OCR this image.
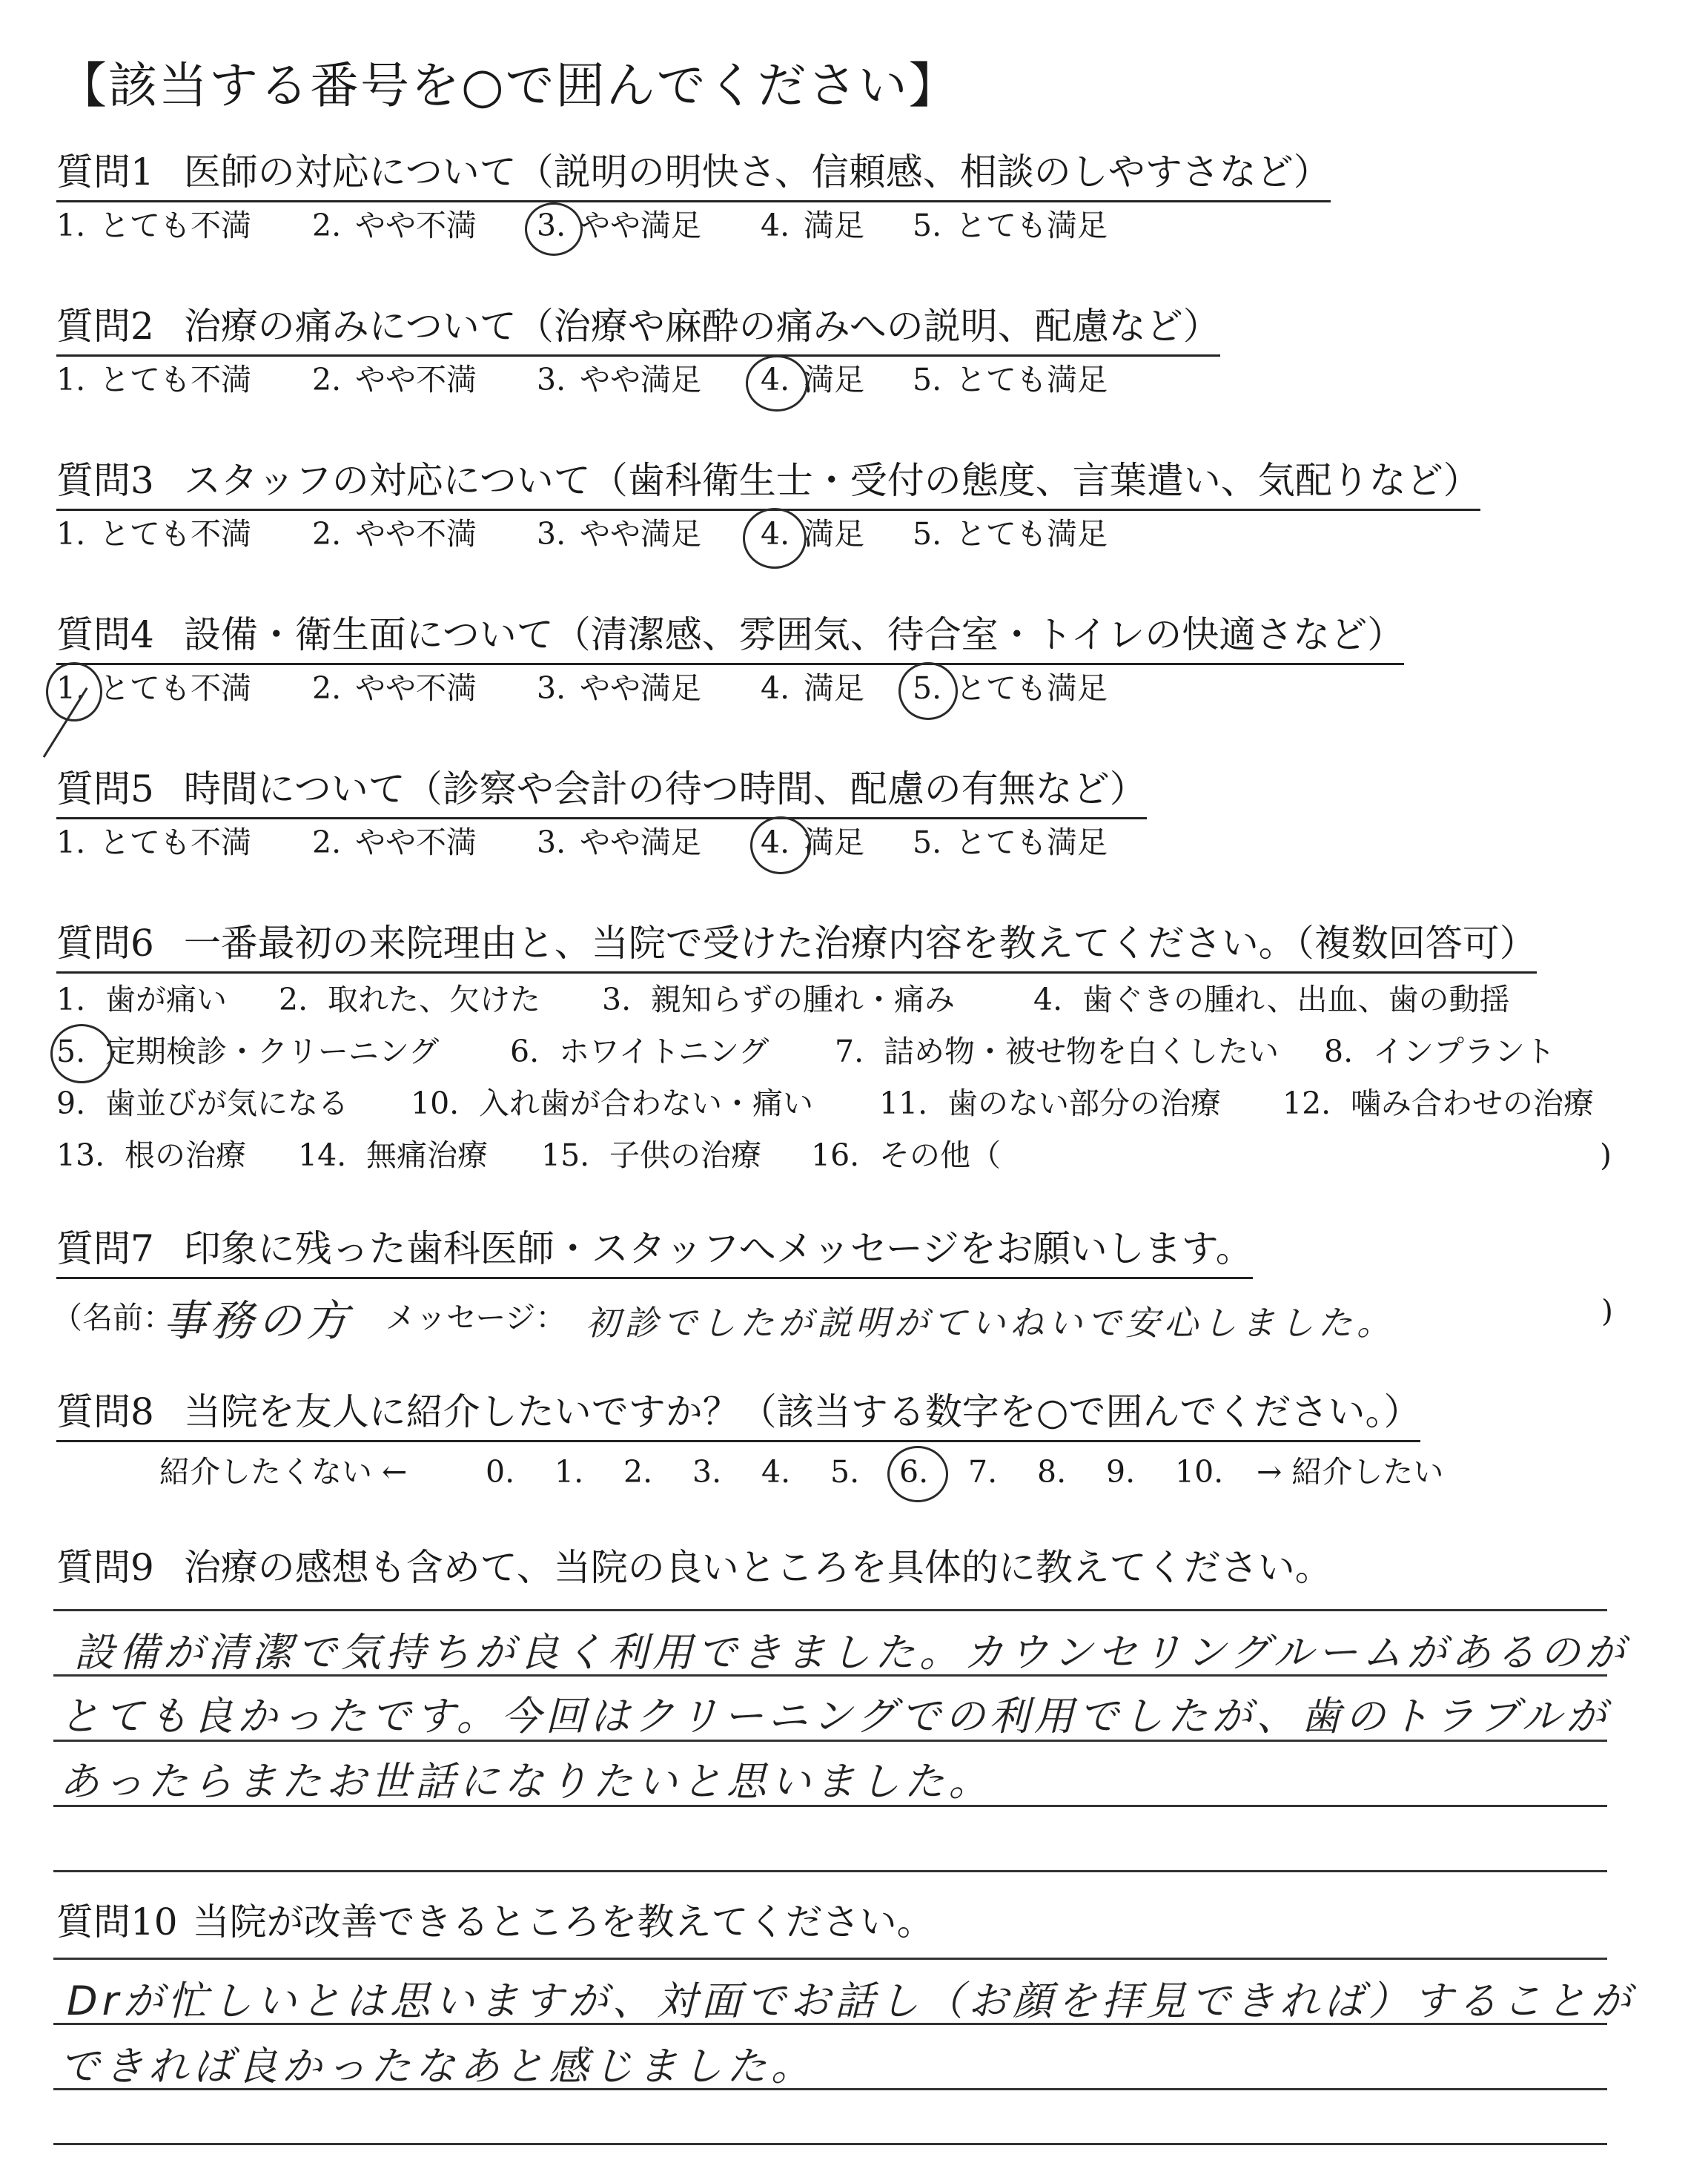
【該当する番号を○で囲んでください】
質問1 医師の対応について（説明の明快さ、信頼感、相談のしやすさなど）
1. とても不満 2. やや不満 3. やや満足 4. 満足 5. とても満足
質問2 治療の痛みについて（治療や麻酔の痛みへの説明、配慮など）
1. とても不満 2. やや不満 3. やや満足 4. 満足 5. とても満足
質問3 スタッフの対応について（歯科衛生士・受付の態度、言葉遣い、気配りなど）
1. とても不満 2. やや不満 3. やや満足 4. 満足 5. とても満足
質問4 設備・衛生面について（清潔感、雰囲気、待合室・トイレの快適さなど）
1. とても不満 2. やや不満 3. やや満足 4. 満足 5. とても満足
質問5 時間について（診察や会計の待つ時間、配慮の有無など）
1. とても不満 2. やや不満 3. やや満足 4. 満足 5. とても満足
質問6 一番最初の来院理由と、当院で受けた治療内容を教えてください。（複数回答可）
1. 歯が痛い 2. 取れた、欠けた 3. 親知らずの腫れ・痛み	4. 歯ぐきの腫れ、出血、歯の動揺
5. 定期検診・クリーニング 6. ホワイトニング 7. 詰め物・被せ物を白くしたい 8. インプラント
9. 歯並びが気になる 10. 入れ歯が合わない・痛い 11. 歯のない部分の治療 12. 噛み合わせの治療
13. 根の治療 14. 無痛治療 15. 子供の治療 16. その他（	)
質問7 印象に残った歯科医師・スタッフへメッセージをお願いします。
（名前：
事務の方 メッセージ： 初診でしたが説明がていねいで安心しました。	)
質問8 当院を友人に紹介したいですか？（該当する数字を○で囲んでください。）
紹介したくない ←	0. 1. 2. 3. 4. 5. 6. 7. 8. 9. 10. → 紹介したい
質問9 治療の感想も含めて、当院の良いところを具体的に教えてください。
設備が清潔で気持ちが良く利用できました。カウンセリングルームがあるのが
とても良かったです。今回はクリーニングでの利用でしたが、歯のトラブルが
あったらまたお世話になりたいと思いました。
質問10 当院が改善できるところを教えてください。
Drが忙しいとは思いますが、対面でお話し（お顔を拝見できれば）することが
できれば良かったなあと感じました。
